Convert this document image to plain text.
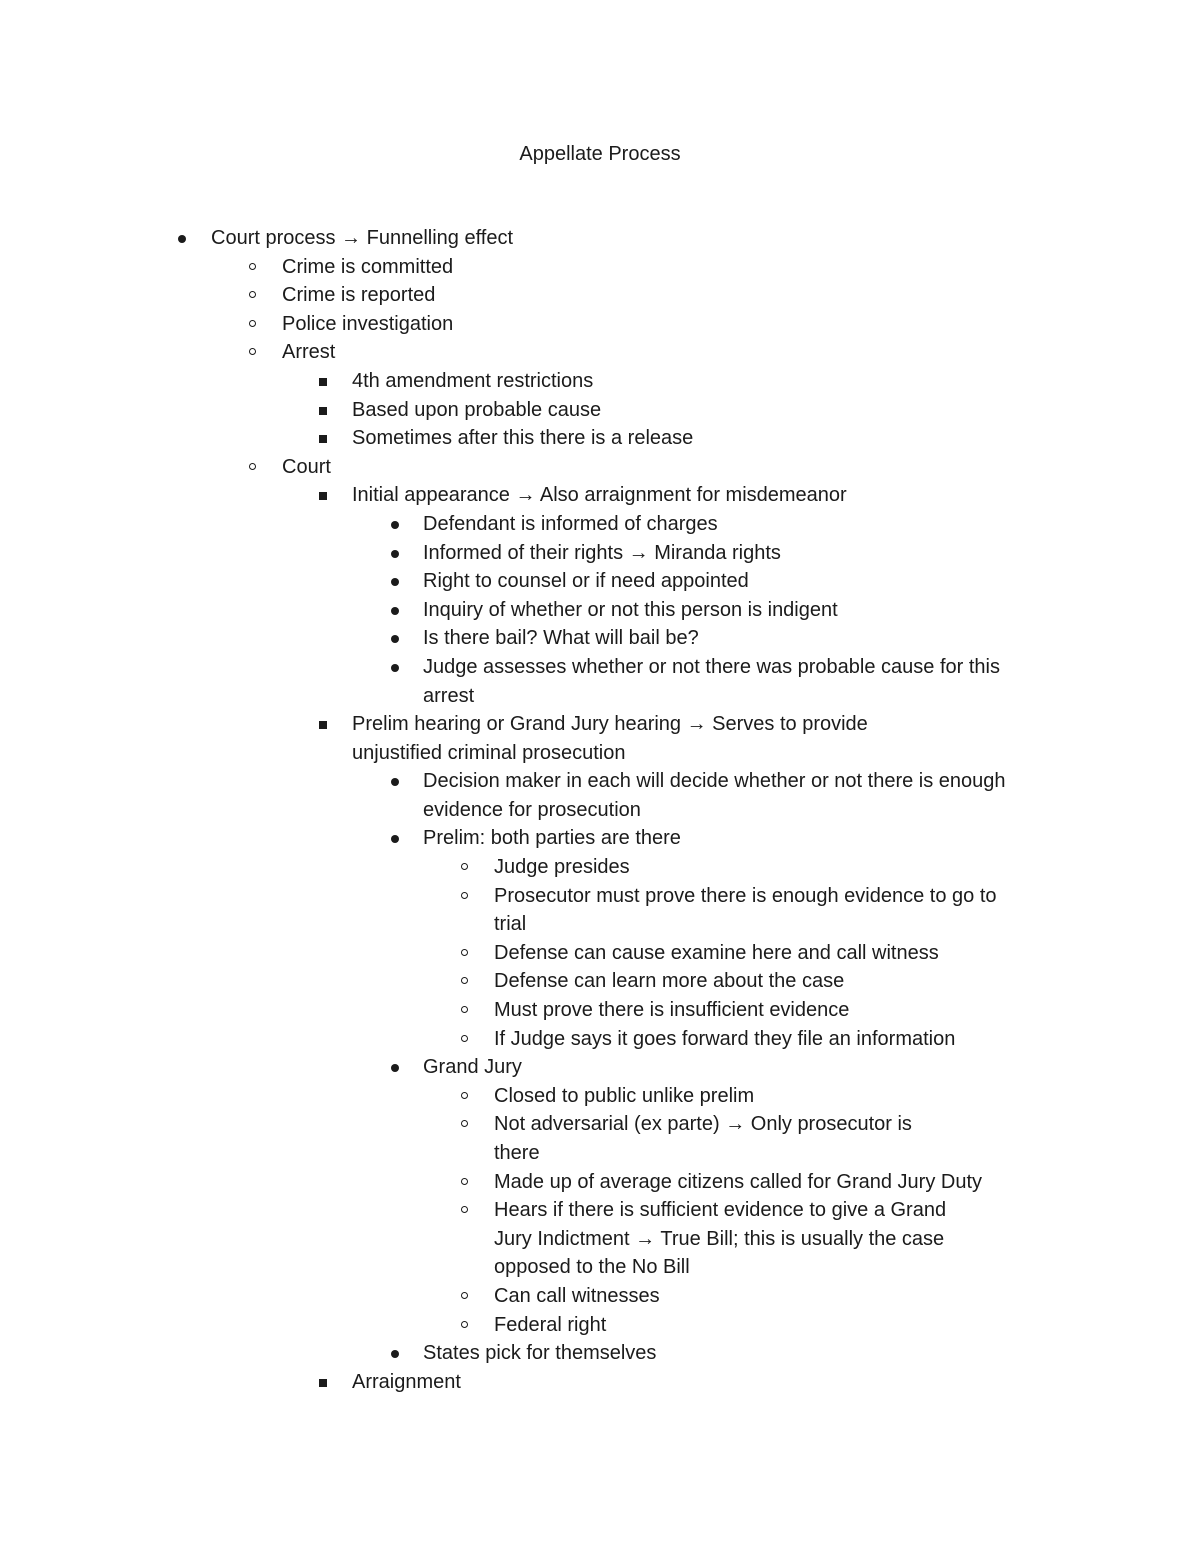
Appellate Process
Court process → Funnelling effect
Crime is committed
Crime is reported
Police investigation
Arrest
4th amendment restrictions
Based upon probable cause
Sometimes after this there is a release
Court
Initial appearance → Also arraignment for misdemeanor
Defendant is informed of charges
Informed of their rights → Miranda rights
Right to counsel or if need appointed
Inquiry of whether or not this person is indigent
Is there bail? What will bail be?
Judge assesses whether or not there was probable cause for this
arrest
Prelim hearing or Grand Jury hearing → Serves to provide
unjustified criminal prosecution
Decision maker in each will decide whether or not there is enough
evidence for prosecution
Prelim: both parties are there
Judge presides
Prosecutor must prove there is enough evidence to go to
trial
Defense can cause examine here and call witness
Defense can learn more about the case
Must prove there is insufficient evidence
If Judge says it goes forward they file an information
Grand Jury
Closed to public unlike prelim
Not adversarial (ex parte) → Only prosecutor is
there
Made up of average citizens called for Grand Jury Duty
Hears if there is sufficient evidence to give a Grand
Jury Indictment → True Bill; this is usually the case
opposed to the No Bill
Can call witnesses
Federal right
States pick for themselves
Arraignment
